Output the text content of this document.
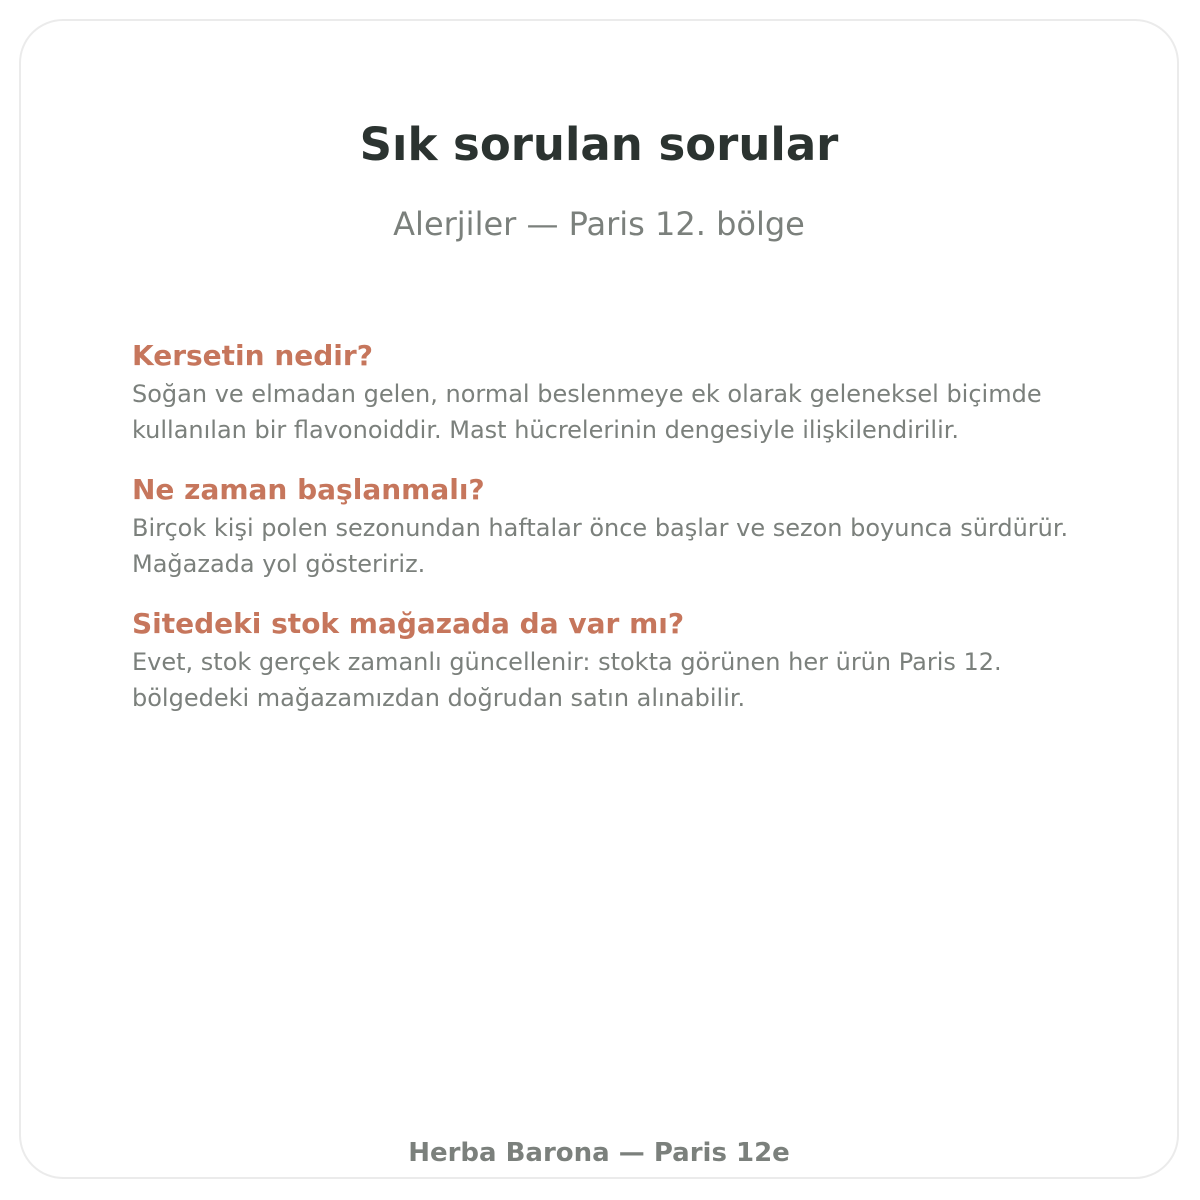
Sık sorulan sorular
Alerjiler — Paris 12. bölge

Kersetin nedir?

Soğan ve elmadan gelen, normal beslenmeye ek olarak geleneksel biçimde kullanılan bir flavonoiddir. Mast hücrelerinin dengesiyle ilişkilendirilir.

Ne zaman başlanmalı?

Birçok kişi polen sezonundan haftalar önce başlar ve sezon boyunca sürdürür. Mağazada yol gösteririz.

Sitedeki stok mağazada da var mı?

Evet, stok gerçek zamanlı güncellenir: stokta görünen her ürün Paris 12. bölgedeki mağazamızdan doğrudan satın alınabilir.

Herba Barona — Paris 12e
